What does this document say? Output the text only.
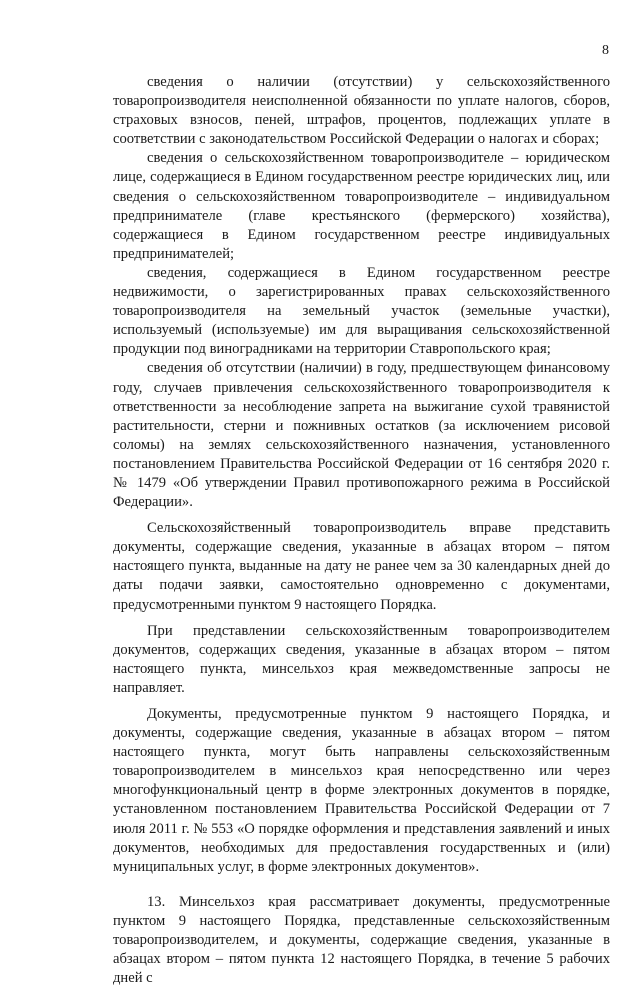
8

сведения о наличии (отсутствии) у сельскохозяйственного товаропроизводителя неисполненной обязанности по уплате налогов, сборов, страховых взносов, пеней, штрафов, процентов, подлежащих уплате в соответствии с законодательством Российской Федерации о налогах и сборах;

сведения о сельскохозяйственном товаропроизводителе – юридическом лице, содержащиеся в Едином государственном реестре юридических лиц, или сведения о сельскохозяйственном товаропроизводителе – индивидуальном предпринимателе (главе крестьянского (фермерского) хозяйства), содержащиеся в Едином государственном реестре индивидуальных предпринимателей;

сведения, содержащиеся в Едином государственном реестре недвижимости, о зарегистрированных правах сельскохозяйственного товаропроизводителя на земельный участок (земельные участки), используемый (используемые) им для выращивания сельскохозяйственной продукции под виноградниками на территории Ставропольского края;

сведения об отсутствии (наличии) в году, предшествующем финансовому году, случаев привлечения сельскохозяйственного товаропроизводителя к ответственности за несоблюдение запрета на выжигание сухой травянистой растительности, стерни и пожнивных остатков (за исключением рисовой соломы) на землях сельскохозяйственного назначения, установленного постановлением Правительства Российской Федерации от 16 сентября 2020 г. № 1479 «Об утверждении Правил противопожарного режима в Российской Федерации».

Сельскохозяйственный товаропроизводитель вправе представить документы, содержащие сведения, указанные в абзацах втором – пятом настоящего пункта, выданные на дату не ранее чем за 30 календарных дней до даты подачи заявки, самостоятельно одновременно с документами, предусмотренными пунктом 9 настоящего Порядка.

При представлении сельскохозяйственным товаропроизводителем документов, содержащих сведения, указанные в абзацах втором – пятом настоящего пункта, минсельхоз края межведомственные запросы не направляет.

Документы, предусмотренные пунктом 9 настоящего Порядка, и документы, содержащие сведения, указанные в абзацах втором – пятом настоящего пункта, могут быть направлены сельскохозяйственным товаропроизводителем в минсельхоз края непосредственно или через многофункциональный центр в форме электронных документов в порядке, установленном постановлением Правительства Российской Федерации от 7 июля 2011 г. № 553 «О порядке оформления и представления заявлений и иных документов, необходимых для предоставления государственных и (или) муниципальных услуг, в форме электронных документов».

13. Минсельхоз края рассматривает документы, предусмотренные пунктом 9 настоящего Порядка, представленные сельскохозяйственным товаропроизводителем, и документы, содержащие сведения, указанные в абзацах втором – пятом пункта 12 настоящего Порядка, в течение 5 рабочих дней с
